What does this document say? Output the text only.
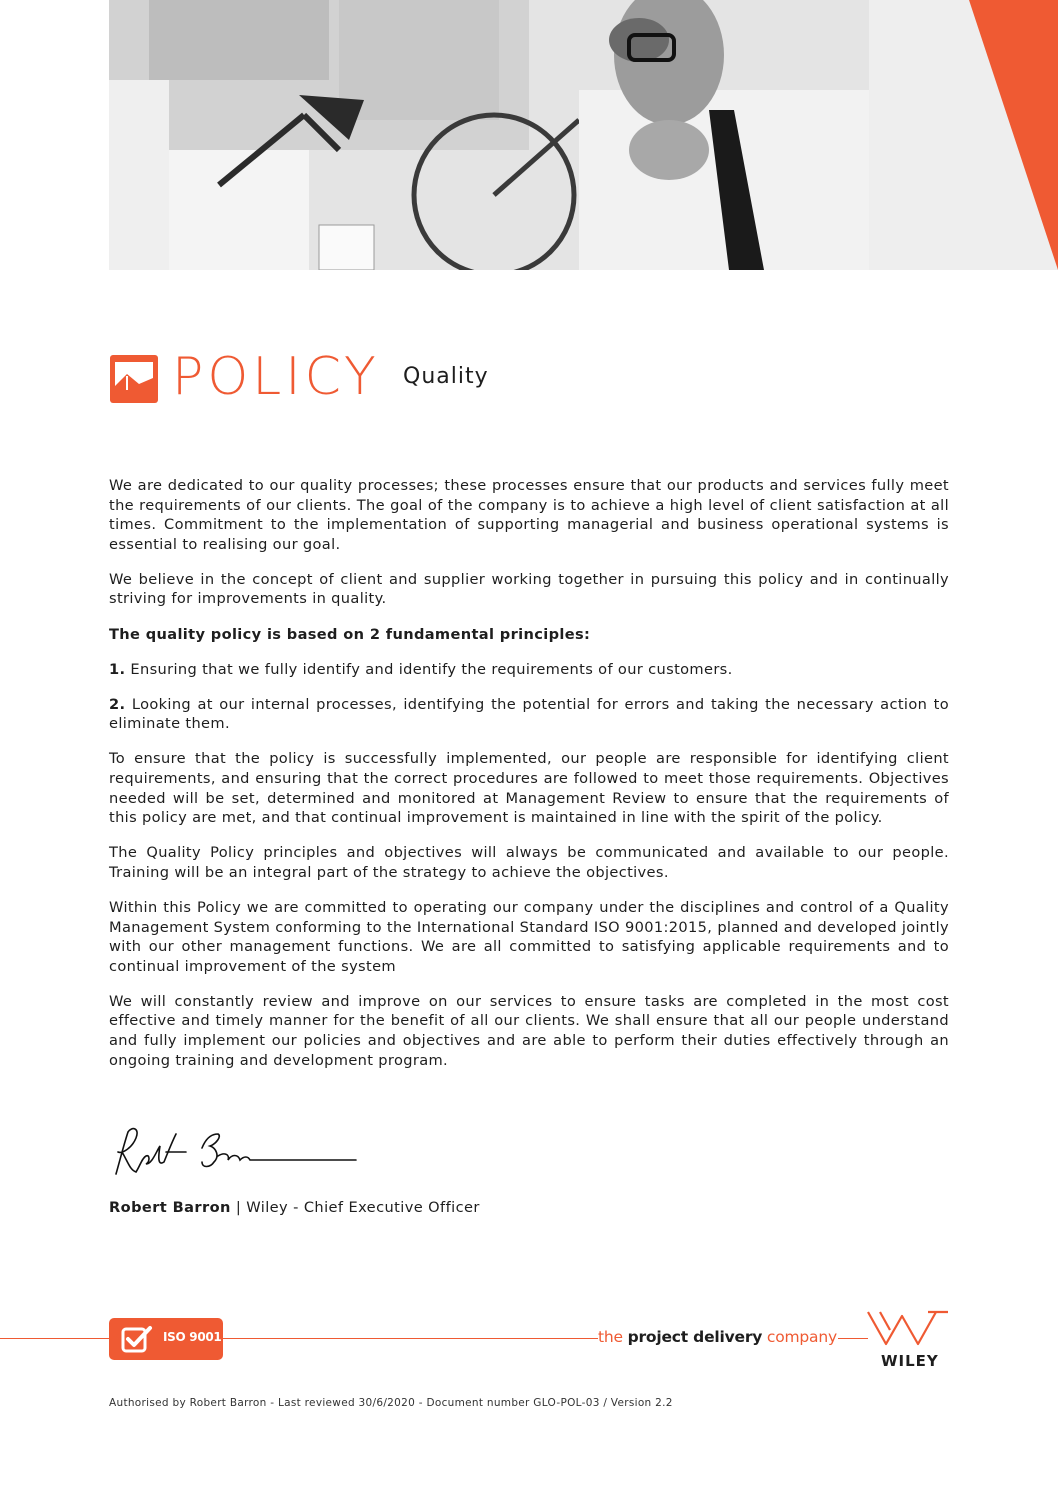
POLICY Quality

We are dedicated to our quality processes; these processes ensure that our products and services fully meet the requirements of our clients. The goal of the company is to achieve a high level of client satisfaction at all times. Commitment to the implementation of supporting managerial and business operational systems is essential to realising our goal.

We believe in the concept of client and supplier working together in pursuing this policy and in continually striving for improvements in quality.

The quality policy is based on 2 fundamental principles:

1. Ensuring that we fully identify and identify the requirements of our customers.

2. Looking at our internal processes, identifying the potential for errors and taking the necessary action to eliminate them.

To ensure that the policy is successfully implemented, our people are responsible for identifying client requirements, and ensuring that the correct procedures are followed to meet those requirements. Objectives needed will be set, determined and monitored at Management Review to ensure that the requirements of this policy are met, and that continual improvement is maintained in line with the spirit of the policy.

The Quality Policy principles and objectives will always be communicated and available to our people. Training will be an integral part of the strategy to achieve the objectives.

Within this Policy we are committed to operating our company under the disciplines and control of a Quality Management System conforming to the International Standard ISO 9001:2015, planned and developed jointly with our other management functions. We are all committed to satisfying applicable requirements and to continual improvement of the system

We will constantly review and improve on our services to ensure tasks are completed in the most cost effective and timely manner for the benefit of all our clients. We shall ensure that all our people understand and fully implement our policies and objectives and are able to perform their duties effectively through an ongoing training and development program.

Robert Barron | Wiley - Chief Executive Officer
ISO 9001	the project delivery company
WILEY
Authorised by Robert Barron - Last reviewed 30/6/2020 - Document number GLO-POL-03 / Version 2.2
